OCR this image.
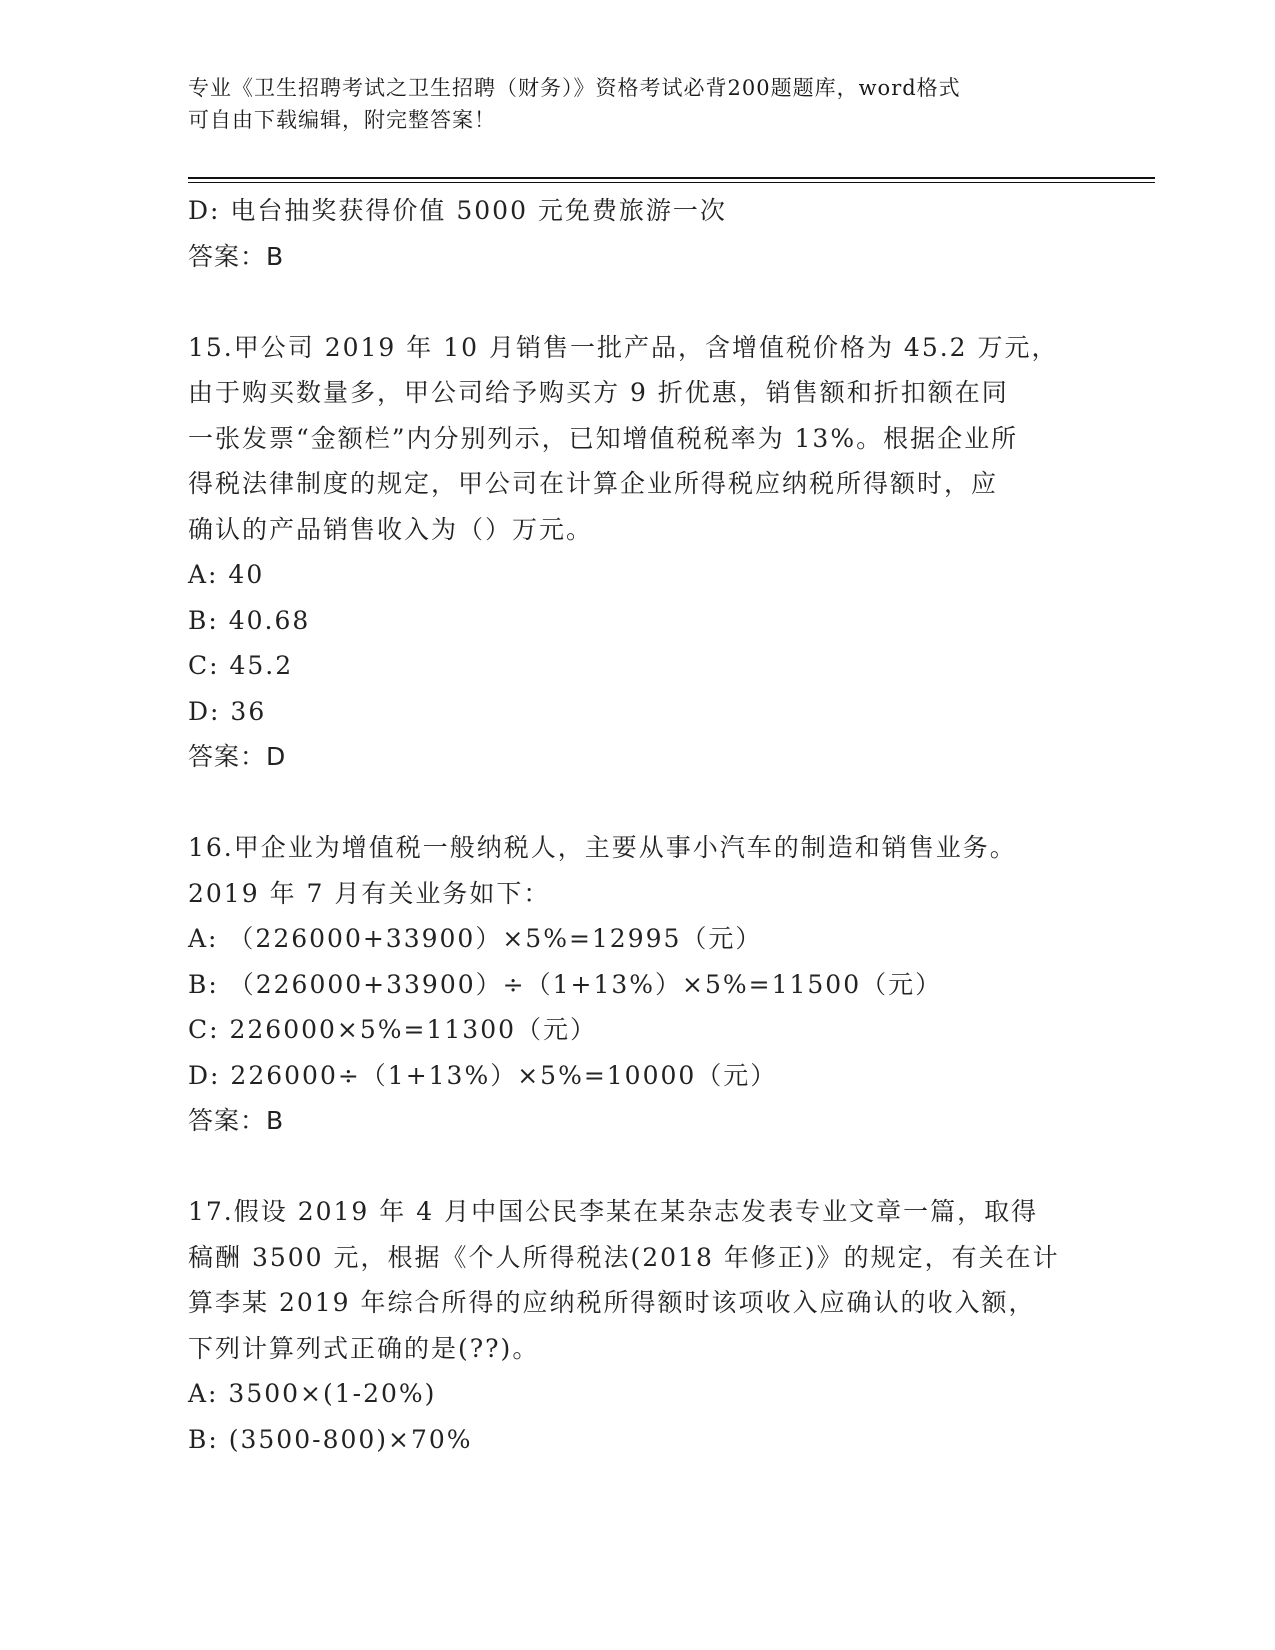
专业《卫生招聘考试之卫生招聘（财务）》资格考试必背200题题库，word格式
可自由下载编辑，附完整答案！
D: 电台抽奖获得价值 5000 元免费旅游一次
答案：B
15.甲公司 2019 年 10 月销售一批产品，含增值税价格为 45.2 万元，
由于购买数量多，甲公司给予购买方 9 折优惠，销售额和折扣额在同
一张发票“金额栏”内分别列示，已知增值税税率为 13%。根据企业所
得税法律制度的规定，甲公司在计算企业所得税应纳税所得额时，应
确认的产品销售收入为（）万元。
A: 40
B: 40.68
C: 45.2
D: 36
答案：D
16.甲企业为增值税一般纳税人，主要从事小汽车的制造和销售业务。
2019 年 7 月有关业务如下：
A: （226000+33900）×5%=12995（元）
B: （226000+33900）÷（1+13%）×5%=11500（元）
C: 226000×5%=11300（元）
D: 226000÷（1+13%）×5%=10000（元）
答案：B
17.假设 2019 年 4 月中国公民李某在某杂志发表专业文章一篇，取得
稿酬 3500 元，根据《个人所得税法(2018 年修正)》的规定，有关在计
算李某 2019 年综合所得的应纳税所得额时该项收入应确认的收入额，
下列计算列式正确的是(??)。
A: 3500×(1-20%)
B: (3500-800)×70%
